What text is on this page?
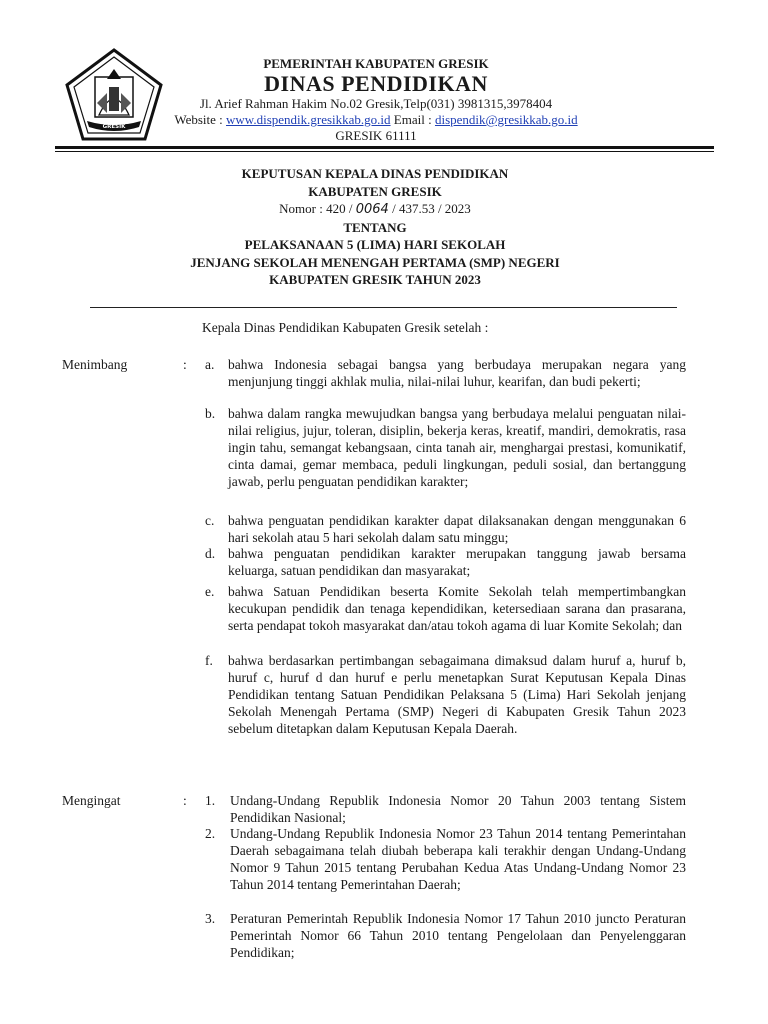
GRESIK
PEMERINTAH KABUPATEN GRESIK
DINAS PENDIDIKAN
Jl. Arief Rahman Hakim No.02 Gresik,Telp(031) 3981315,3978404
Website : www.dispendik.gresikkab.go.id Email : dispendik@gresikkab.go.id
GRESIK 61111
KEPUTUSAN KEPALA DINAS PENDIDIKAN
KABUPATEN GRESIK
Nomor : 420 / 0064 / 437.53 / 2023
TENTANG
PELAKSANAAN 5 (LIMA) HARI SEKOLAH
JENJANG SEKOLAH MENENGAH PERTAMA (SMP) NEGERI
KABUPATEN GRESIK TAHUN 2023
Kepala Dinas Pendidikan Kabupaten Gresik setelah :
Menimbang	: a. bahwa Indonesia sebagai bangsa yang berbudaya merupakan negara yang menjunjung tinggi akhlak mulia, nilai-nilai luhur, kearifan, dan budi pekerti;
b. bahwa dalam rangka mewujudkan bangsa yang berbudaya melalui penguatan nilai-nilai religius, jujur, toleran, disiplin, bekerja keras, kreatif, mandiri, demokratis, rasa ingin tahu, semangat kebangsaan, cinta tanah air, menghargai prestasi, komunikatif, cinta damai, gemar membaca, peduli lingkungan, peduli sosial, dan bertanggung jawab, perlu penguatan pendidikan karakter;
c. bahwa penguatan pendidikan karakter dapat dilaksanakan dengan menggunakan 6 hari sekolah atau 5 hari sekolah dalam satu minggu;
d. bahwa penguatan pendidikan karakter merupakan tanggung jawab bersama keluarga, satuan pendidikan dan masyarakat;
e. bahwa Satuan Pendidikan beserta Komite Sekolah telah mempertimbangkan kecukupan pendidik dan tenaga kependidikan, ketersediaan sarana dan prasarana, serta pendapat tokoh masyarakat dan/atau tokoh agama di luar Komite Sekolah; dan
f. bahwa berdasarkan pertimbangan sebagaimana dimaksud dalam huruf a, huruf b, huruf c, huruf d dan huruf e perlu menetapkan Surat Keputusan Kepala Dinas Pendidikan tentang Satuan Pendidikan Pelaksana 5 (Lima) Hari Sekolah jenjang Sekolah Menengah Pertama (SMP) Negeri di Kabupaten Gresik Tahun 2023 sebelum ditetapkan dalam Keputusan Kepala Daerah.
Mengingat	: 1. Undang-Undang Republik Indonesia Nomor 20 Tahun 2003 tentang Sistem Pendidikan Nasional;
2. Undang-Undang Republik Indonesia Nomor 23 Tahun 2014 tentang Pemerintahan Daerah sebagaimana telah diubah beberapa kali terakhir dengan Undang-Undang Nomor 9 Tahun 2015 tentang Perubahan Kedua Atas Undang-Undang Nomor 23 Tahun 2014 tentang Pemerintahan Daerah;
3. Peraturan Pemerintah Republik Indonesia Nomor 17 Tahun 2010 juncto Peraturan Pemerintah Nomor 66 Tahun 2010 tentang Pengelolaan dan Penyelenggaran Pendidikan;
